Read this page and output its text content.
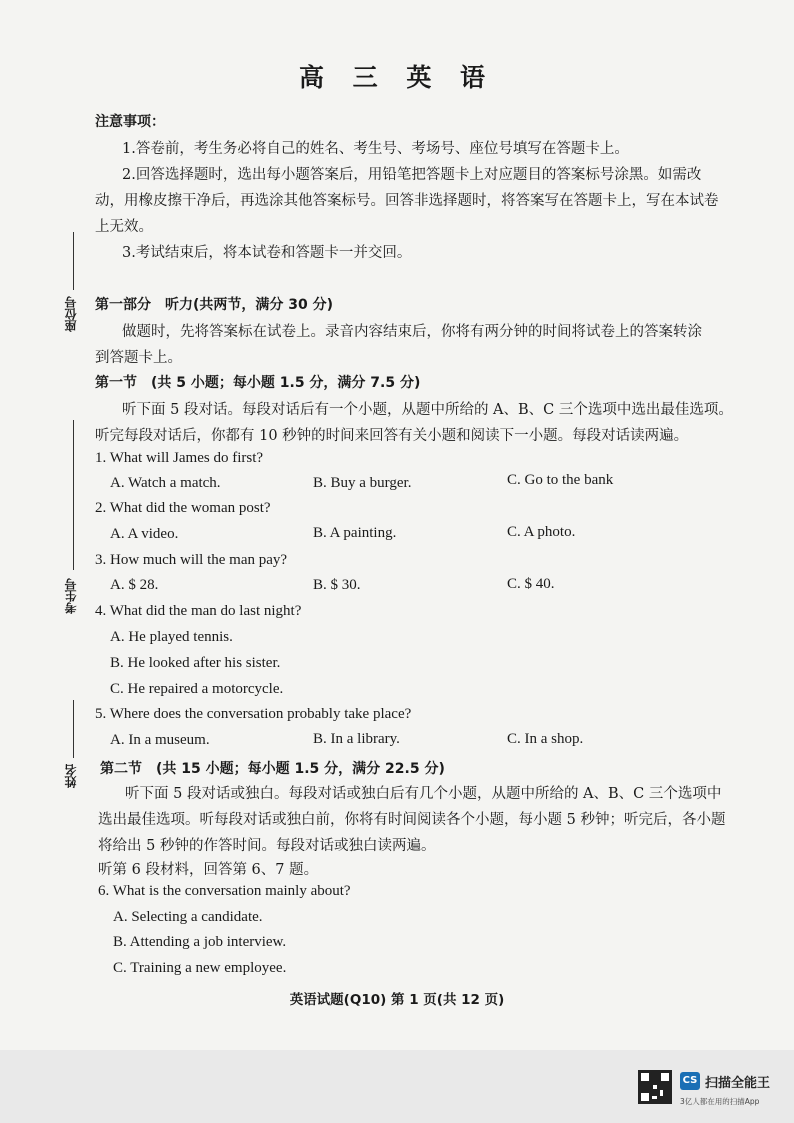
高 三 英 语
注意事项：
1.答卷前，考生务必将自己的姓名、考生号、考场号、座位号填写在答题卡上。
2.回答选择题时，选出每小题答案后，用铅笔把答题卡上对应题目的答案标号涂黑。如需改
动，用橡皮擦干净后，再选涂其他答案标号。回答非选择题时，将答案写在答题卡上，写在本试卷
上无效。
3.考试结束后，将本试卷和答题卡一并交回。
座位号
考生号
姓名
第一部分　听力(共两节，满分 30 分)
做题时，先将答案标在试卷上。录音内容结束后，你将有两分钟的时间将试卷上的答案转涂
到答题卡上。
第一节　(共 5 小题；每小题 1.5 分，满分 7.5 分)
听下面 5 段对话。每段对话后有一个小题，从题中所给的 A、B、C 三个选项中选出最佳选项。
听完每段对话后，你都有 10 秒钟的时间来回答有关小题和阅读下一小题。每段对话读两遍。
1. What will James do first?
A. Watch a match.	B. Buy a burger.	C. Go to the bank
2. What did the woman post?
A. A video.	B. A painting.	C. A photo.
3. How much will the man pay?
A. $ 28.	B. $ 30.	C. $ 40.
4. What did the man do last night?
A. He played tennis.
B. He looked after his sister.
C. He repaired a motorcycle.
5. Where does the conversation probably take place?
A. In a museum.	B. In a library.	C. In a shop.
第二节　(共 15 小题；每小题 1.5 分，满分 22.5 分)
听下面 5 段对话或独白。每段对话或独白后有几个小题，从题中所给的 A、B、C 三个选项中
选出最佳选项。听每段对话或独白前，你将有时间阅读各个小题，每小题 5 秒钟；听完后，各小题
将给出 5 秒钟的作答时间。每段对话或独白读两遍。
听第 6 段材料，回答第 6、7 题。
6. What is the conversation mainly about?
A. Selecting a candidate.
B. Attending a job interview.
C. Training a new employee.
英语试题(Q10) 第 1 页(共 12 页)
CS 扫描全能王
3亿人都在用的扫描App
